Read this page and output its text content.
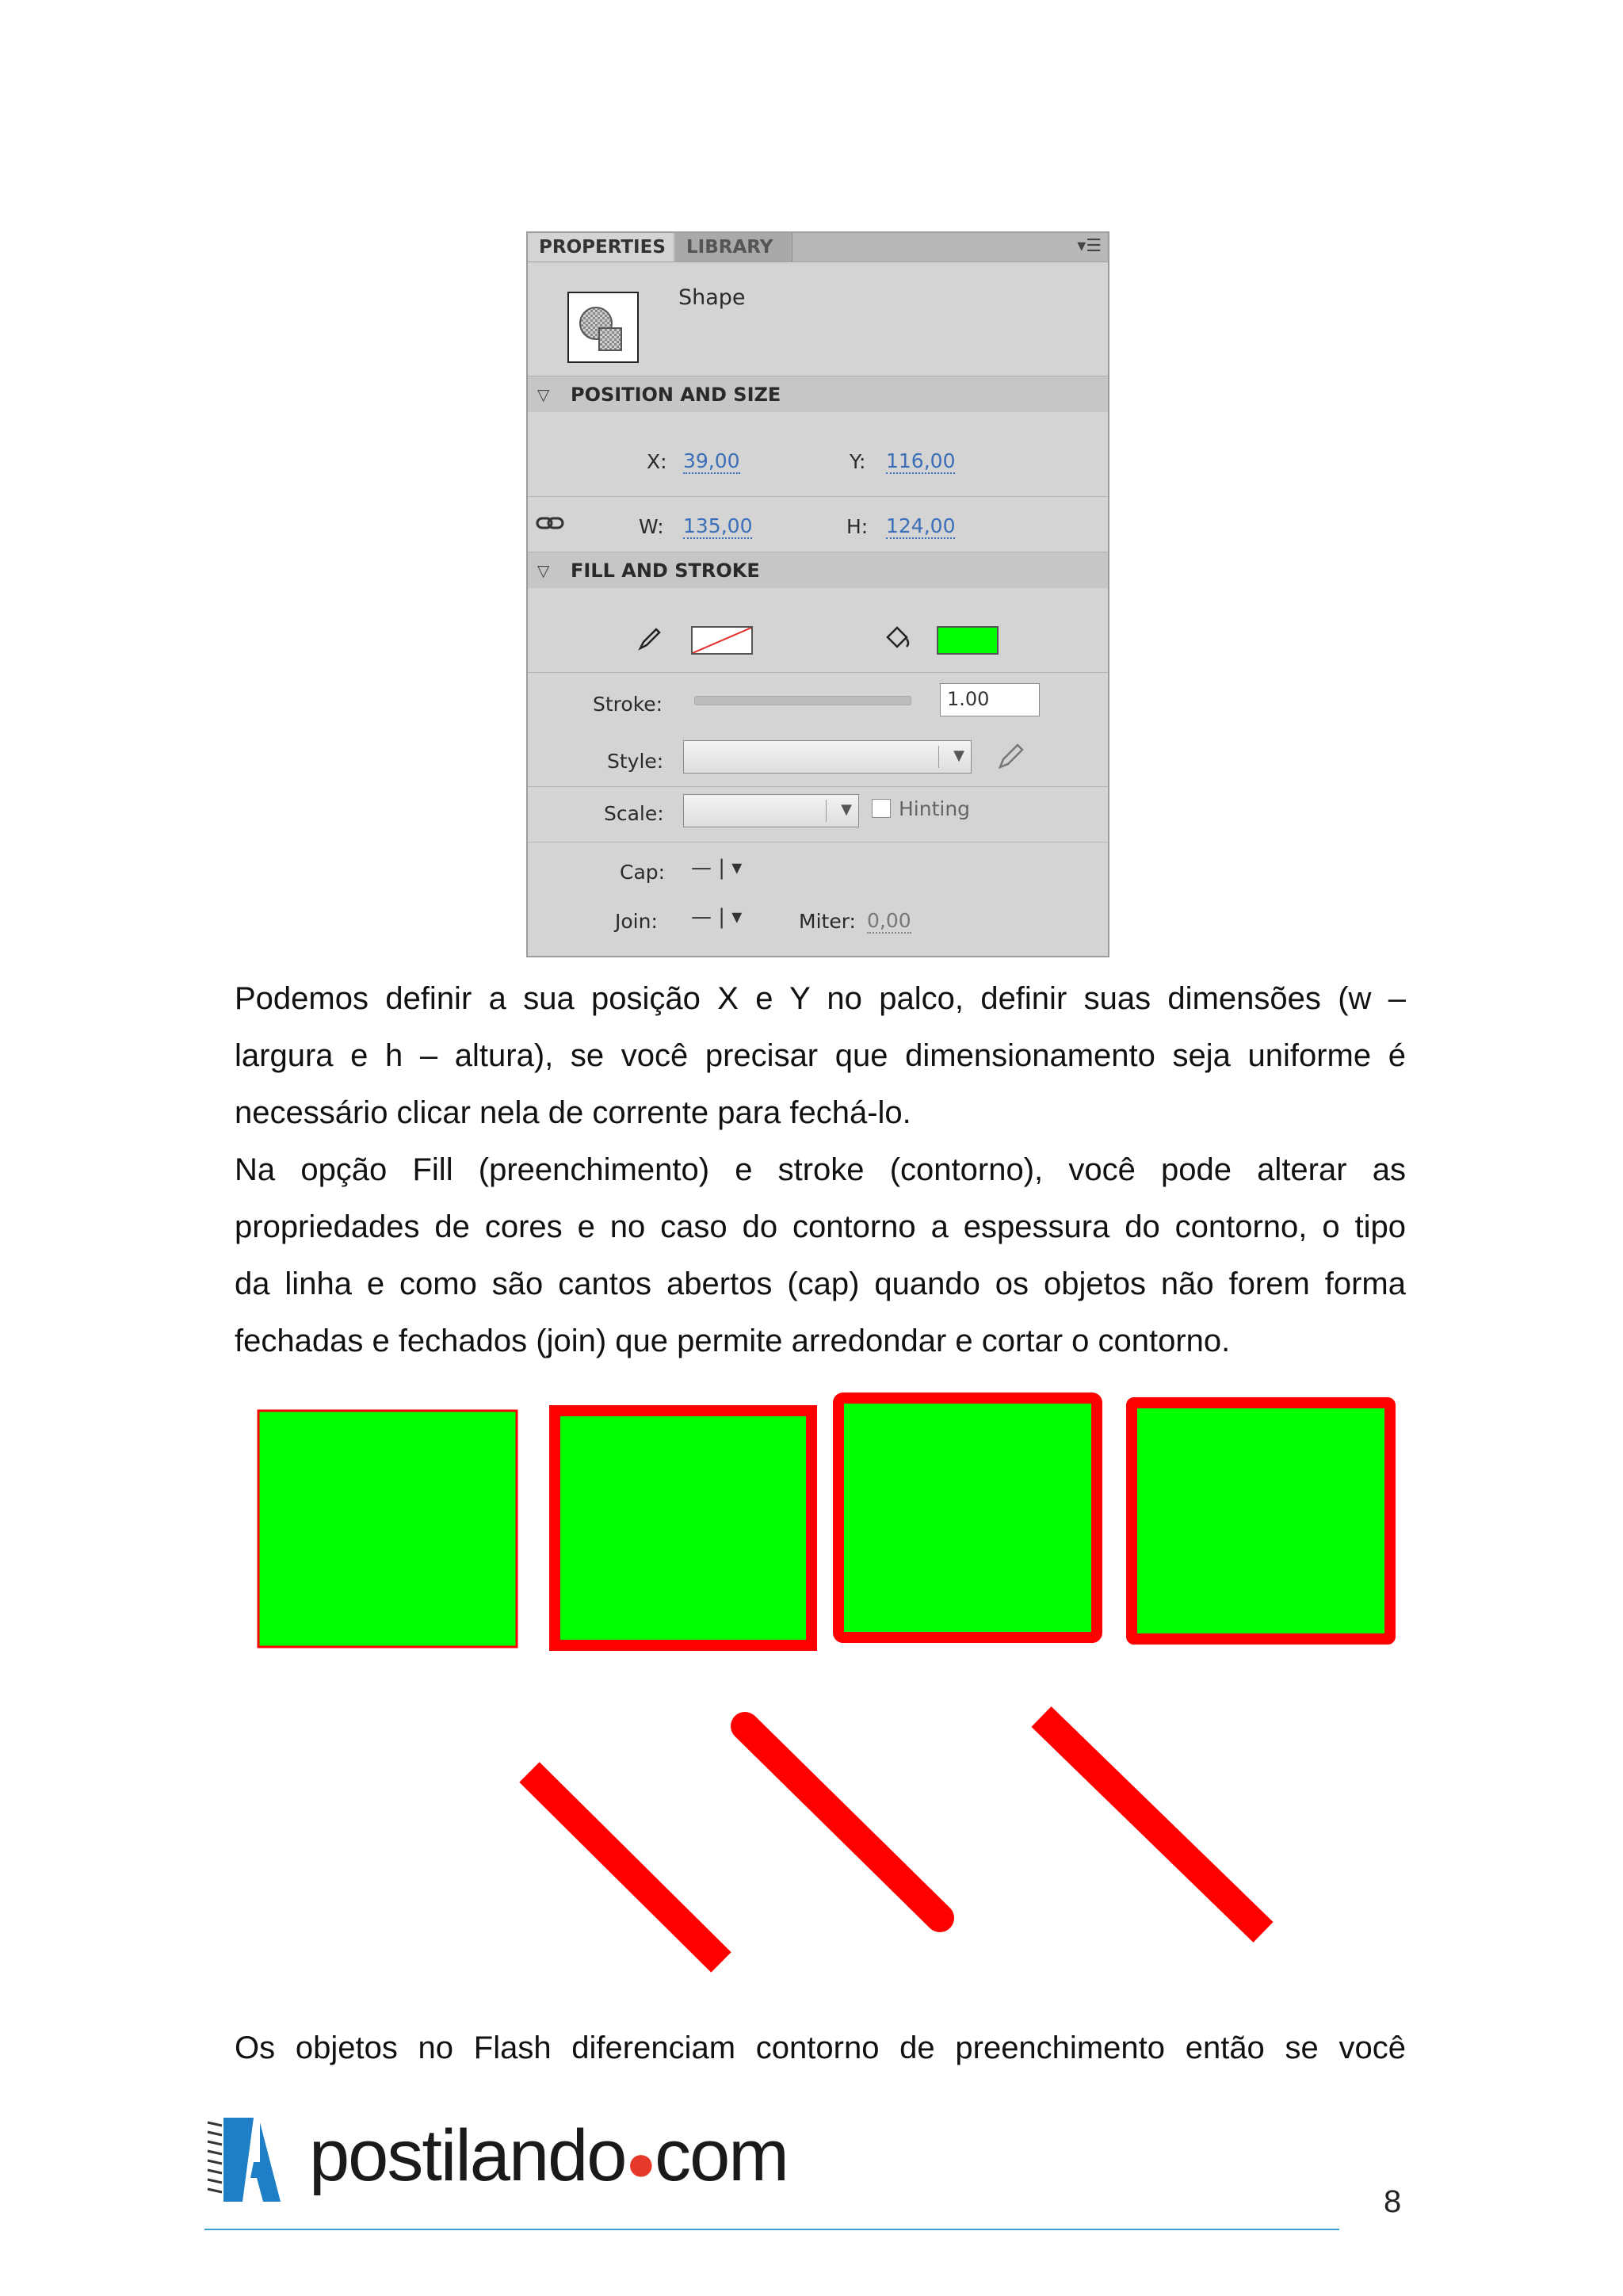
PROPERTIES	LIBRARY	▾☰
Shape
▽ POSITION AND SIZE
X: 39,00	Y: 116,00
W: 135,00	H: 124,00
▽ FILL AND STROKE
Stroke:	1.00
Style:	▼
Scale:	▼ Hinting
Cap: — | ▾
Join: — | ▾	Miter: 0,00
Podemos definir a sua posição X e Y no palco, definir suas dimensões (w –
largura e h – altura), se você precisar que dimensionamento seja uniforme é
necessário clicar nela de corrente para fechá-lo.
Na opção Fill (preenchimento) e stroke (contorno), você pode alterar as
propriedades de cores e no caso do contorno a espessura do contorno, o tipo
da linha e como são cantos abertos (cap) quando os objetos não forem forma
fechadas e fechados (join) que permite arredondar e cortar o contorno.
Os objetos no Flash diferenciam contorno de preenchimento então se você
postilando●com
8
